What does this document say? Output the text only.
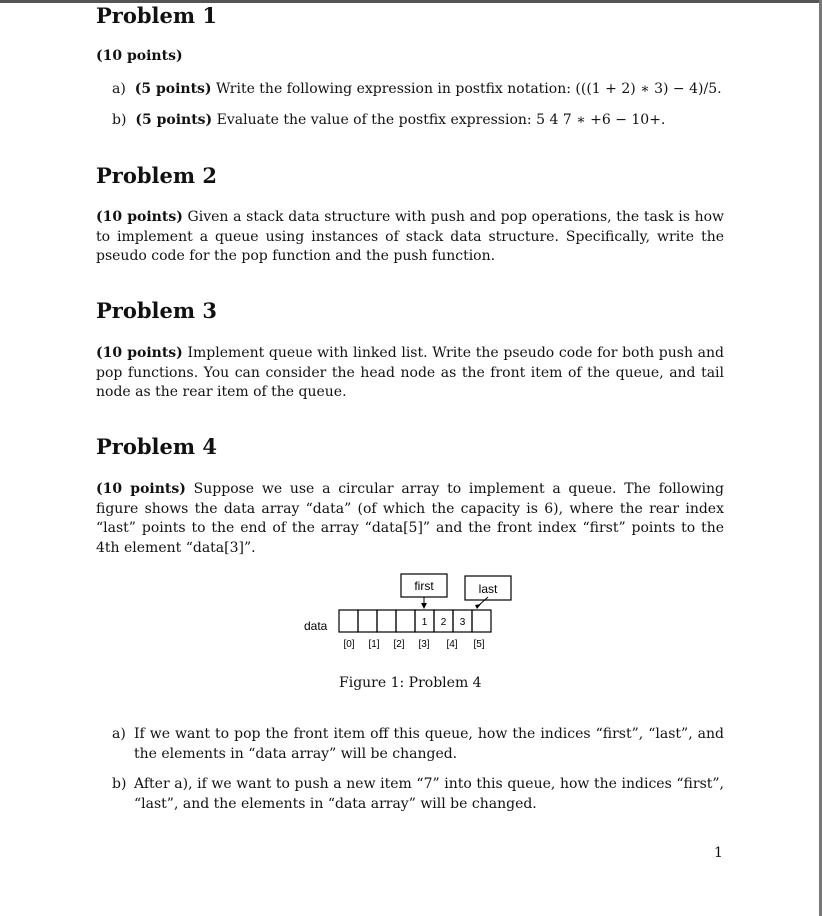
Problem 1
(10 points)
a) (5 points) Write the following expression in postfix notation: (((1 + 2) ∗ 3) − 4)/5.
b) (5 points) Evaluate the value of the postfix expression: 5 4 7 ∗ +6 − 10+.
Problem 2
(10 points) Given a stack data structure with push and pop operations, the task is how to implement a queue using instances of stack data structure. Specifically, write the pseudo code for the pop function and the push function.
Problem 3
(10 points) Implement queue with linked list. Write the pseudo code for both push and pop functions. You can consider the head node as the front item of the queue, and tail node as the rear item of the queue.
Problem 4
(10 points) Suppose we use a circular array to implement a queue. The following figure shows the data array “data” (of which the capacity is 6), where the rear index “last” points to the end of the array “data[5]” and the front index “first” points to the 4th element “data[3]”.
first	last
data	1 2 3
[0] [1] [2] [3] [4] [5]
Figure 1: Problem 4
a) If we want to pop the front item off this queue, how the indices “first”, “last”, and the elements in “data array” will be changed.
b) After a), if we want to push a new item “7” into this queue, how the indices “first”, “last”, and the elements in “data array” will be changed.
1
